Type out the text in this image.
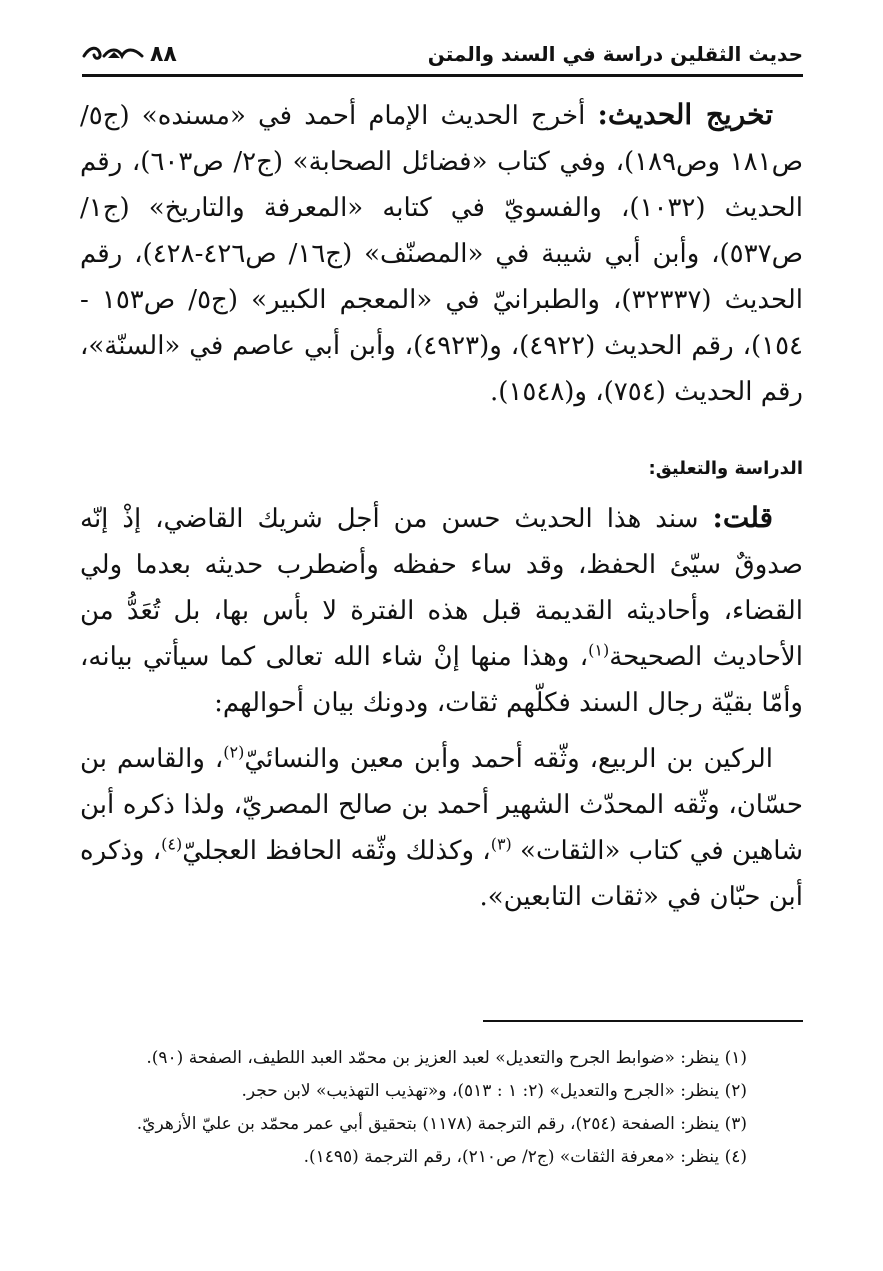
حديث الثقلين دراسة في السند والمتن
٨٨

تخريج الحديث: أخرج الحديث الإمام أحمد في «مسنده» (ج٥/ ص١٨١ وص١٨٩)، وفي كتاب «فضائل الصحابة» (ج٢/ ص٦٠٣)، رقم الحديث (١٠٣٢)، والفسويّ في كتابه «المعرفة والتاريخ» (ج١/ ص٥٣٧)، وأبن أبي شيبة في «المصنّف» (ج١٦/ ص٤٢٦-٤٢٨)، رقم الحديث (٣٢٣٣٧)، والطبرانيّ في «المعجم الكبير» (ج٥/ ص١٥٣ - ١٥٤)، رقم الحديث (٤٩٢٢)، و(٤٩٢٣)، وأبن أبي عاصم في «السنّة»، رقم الحديث (٧٥٤)، و(١٥٤٨).

الدراسة والتعليق:

قلت: سند هذا الحديث حسن من أجل شريك القاضي، إذْ إنّه صدوقٌ سيّئ الحفظ، وقد ساء حفظه وأضطرب حديثه بعدما ولي القضاء، وأحاديثه القديمة قبل هذه الفترة لا بأس بها، بل تُعَدُّ من الأحاديث الصحيحة$^{(١)}$، وهذا منها إنْ شاء الله تعالى كما سيأتي بيانه، وأمّا بقيّة رجال السند فكلّهم ثقات، ودونك بيان أحوالهم:

الركين بن الربيع، وثّقه أحمد وأبن معين والنسائيّ$^{(٢)}$، والقاسم بن حسّان، وثّقه المحدّث الشهير أحمد بن صالح المصريّ، ولذا ذكره أبن شاهين في كتاب «الثقات» $^{(٣)}$، وكذلك وثّقه الحافظ العجليّ$^{(٤)}$، وذكره أبن حبّان في «ثقات التابعين».

(١) ينظر: «ضوابط الجرح والتعديل» لعبد العزيز بن محمّد العبد اللطيف، الصفحة (٩٠).

(٢) ينظر: «الجرح والتعديل» (٢: ١ : ٥١٣)، و«تهذيب التهذيب» لابن حجر.

(٣) ينظر: الصفحة (٢٥٤)، رقم الترجمة (١١٧٨) بتحقيق أبي عمر محمّد بن عليّ الأزهريّ.

(٤) ينظر: «معرفة الثقات» (ج٢/ ص٢١٠)، رقم الترجمة (١٤٩٥).
